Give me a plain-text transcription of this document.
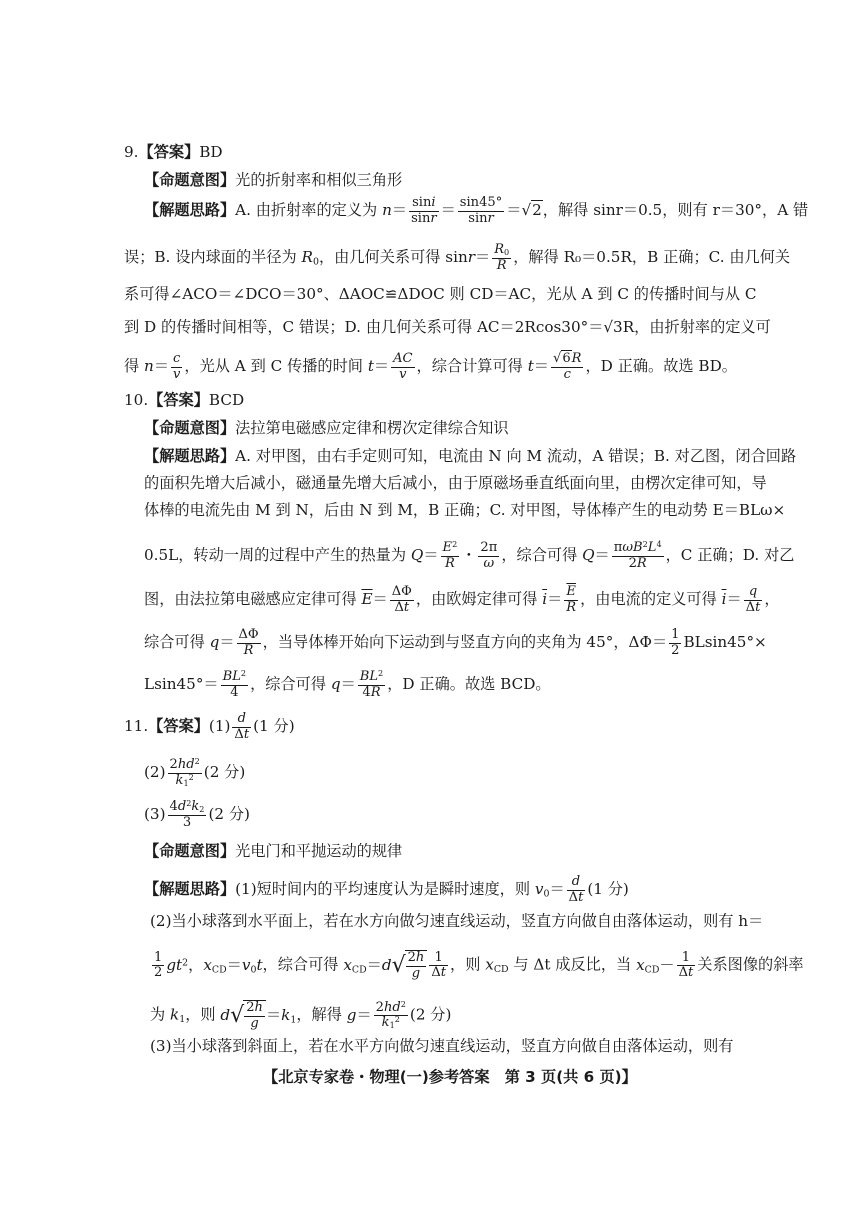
9.【答案】BD
【命题意图】光的折射率和相似三角形
【解题思路】A. 由折射率的定义为 $n= \frac{\sin i}{\sin r} = \frac{\sin 45^\circ}{\sin r} =√2$，解得 sinr＝0.5，则有 r＝30°，A 错
误；B. 设内球面的半径为 $R_0$，由几何关系可得 $\sin r= \frac{R_0}{R}$ ，解得 R₀＝0.5R，B 正确；C. 由几何关
系可得∠ACO＝∠DCO＝30°、ΔAOC≌ΔDOC 则 CD＝AC，光从 A 到 C 的传播时间与从 C
到 D 的传播时间相等，C 错误；D. 由几何关系可得 AC＝2Rcos30°＝√3R，由折射率的定义可
得 $n= \frac{c}{v}$ ，光从 A 到 C 传播的时间 $t= \frac{AC}{v}$ ，综合计算可得 $t= \frac{√6R}{c}$ ，D 正确。故选 BD。
10.【答案】BCD
【命题意图】法拉第电磁感应定律和楞次定律综合知识
【解题思路】A. 对甲图，由右手定则可知，电流由 N 向 M 流动，A 错误；B. 对乙图，闭合回路
的面积先增大后减小，磁通量先增大后减小，由于原磁场垂直纸面向里，由楞次定律可知，导
体棒的电流先由 M 到 N，后由 N 到 M，B 正确；C. 对甲图，导体棒产生的电动势 E＝BLω×
0.5L，转动一周的过程中产生的热量为 $Q= \frac{E^2}{R}$ ・ $\frac{2\pi}{\omega}$ ，综合可得 $Q= \pi\omega B^2L^4$
2R	，C 正确；D. 对乙
图，由法拉第电磁感应定律可得 $\overline{E}= \frac{\Delta\Phi}{\Delta t}$ ，由欧姆定律可得 $\overline{i}= \frac{\overline{E}}{R}$ ，由电流的定义可得 $\overline{i}= \frac{q}{\Delta t}$ ，
综合可得 $q= \frac{\Delta\Phi}{R}$ ，当导体棒开始向下运动到与竖直方向的夹角为 45°，$\Delta\Phi= \frac{1}{2} BLsin45^\circ\times$
$Lsin45^\circ= \frac{BL^2}{4}$ ，综合可得 $q= \frac{BL^2}{4R}$ ，D 正确。故选 BCD。
11.【答案】$(1) \frac{d}{\Delta t} (1$ 分)
$(2) \frac{2hd^2}{k_1^2} (2$ 分)
$(3) \frac{4d^2k_2}{3} (2$ 分)
【命题意图】光电门和平抛运动的规律
【解题思路】(1)短时间内的平均速度认为是瞬时速度，则 $v_0= \frac{d}{\Delta t} (1$ 分)
(2)当小球落到水平面上，若在水方向做匀速直线运动，竖直方向做自由落体运动，则有 h＝
$\frac{1}{2} gt^2$，$x_{CD}=v_0t$，综合可得 $x_{CD}=d√ \frac{2h}{g} \frac{1}{\Delta t}$ ，则 $x_{CD}$ 与 Δt 成反比，当 $x_{CD}- \frac{1}{\Delta t}$ 关系图像的斜率
为 $k_1$，则 $d√ \frac{2h}{g} =k_1$，解得 $g= \frac{2hd^2}{k_1^2} (2$ 分)
(3)当小球落到斜面上，若在水平方向做匀速直线运动，竖直方向做自由落体运动，则有
【北京专家卷・物理(一)参考答案　第 3 页(共 6 页)】
